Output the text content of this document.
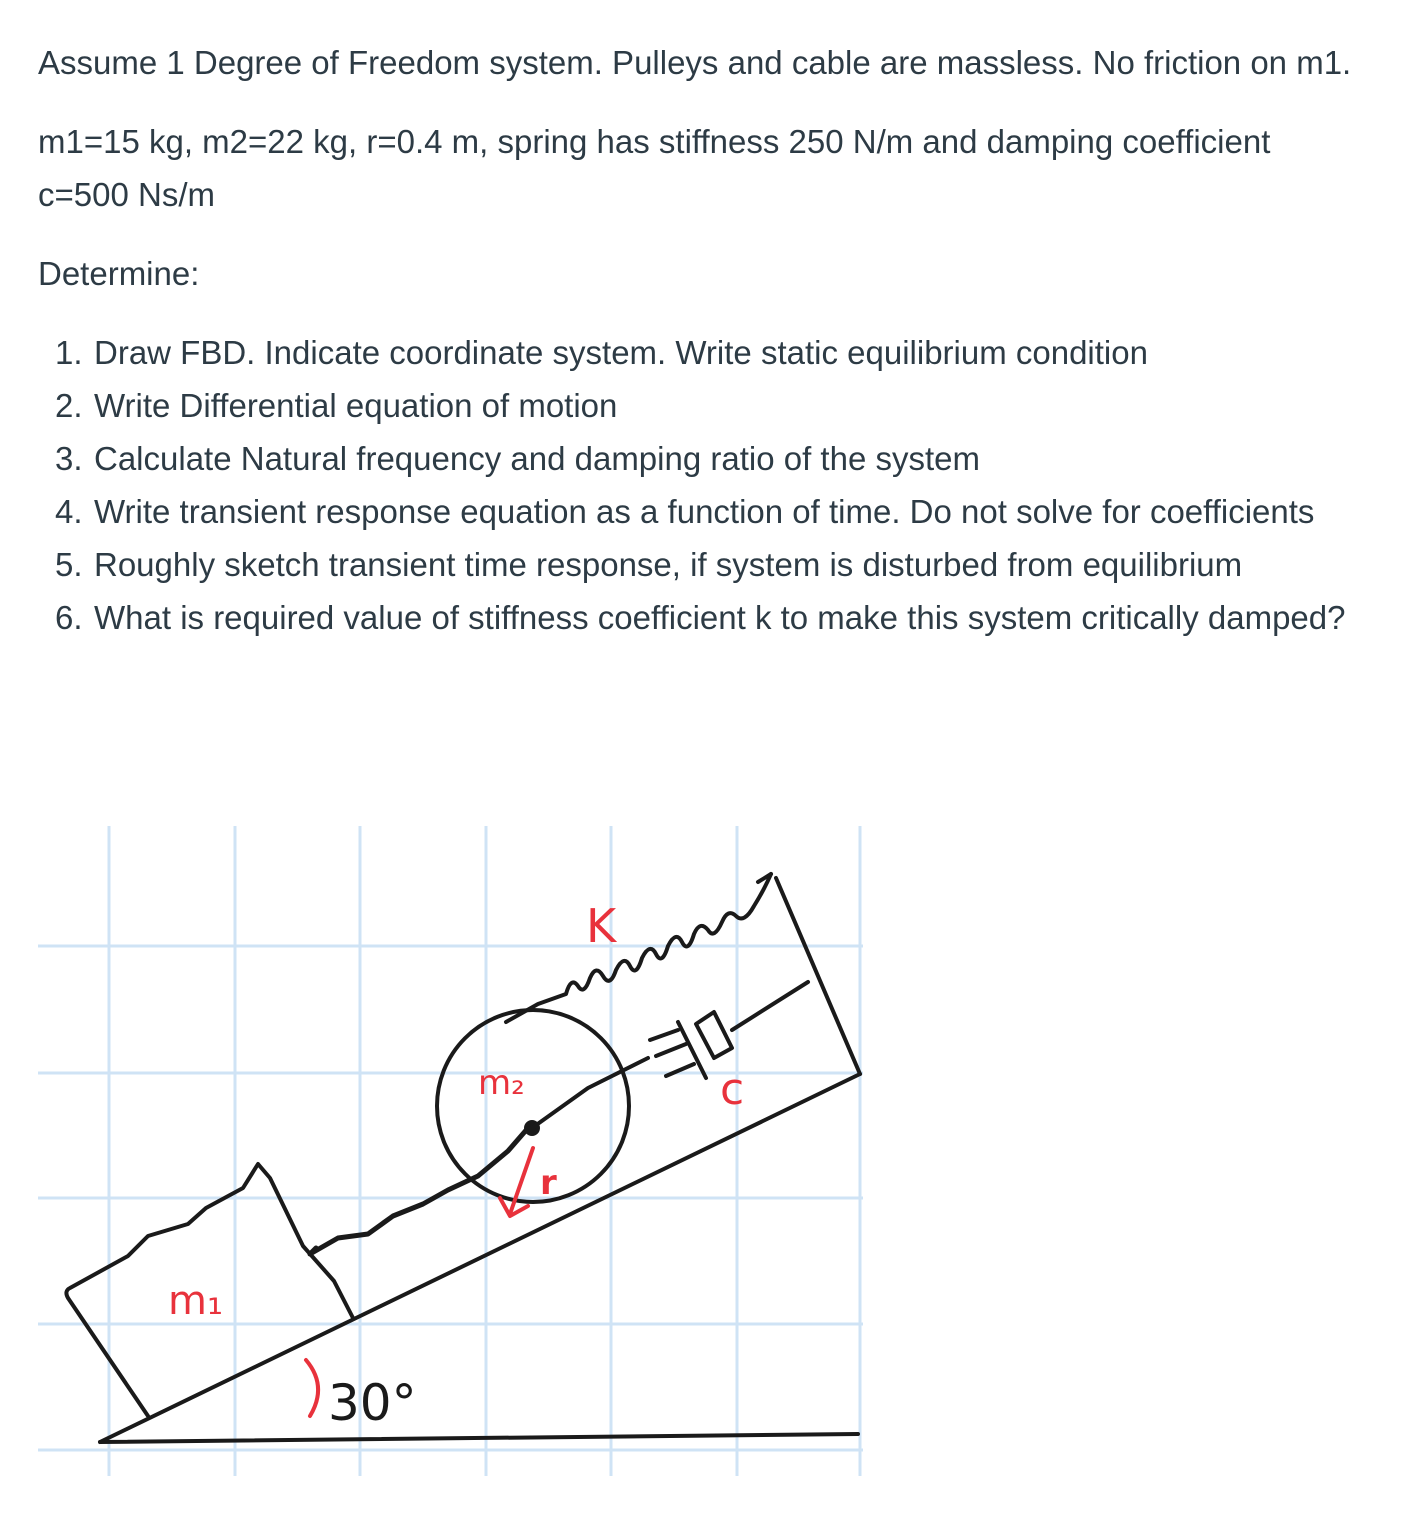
Assume 1 Degree of Freedom system. Pulleys and cable are massless. No friction on m1.

m1=15 kg, m2=22 kg, r=0.4 m, spring has stiffness 250 N/m and damping coefficient c=500 Ns/m

Determine:

1. Draw FBD. Indicate coordinate system. Write static equilibrium condition
2. Write Differential equation of motion
3. Calculate Natural frequency and damping ratio of the system
4. Write transient response equation as a function of time. Do not solve for coefficients
5. Roughly sketch transient time response, if system is disturbed from equilibrium
6. What is required value of stiffness coefficient k to make this system critically damped?
m₁
m₂
K
c
r
30°
